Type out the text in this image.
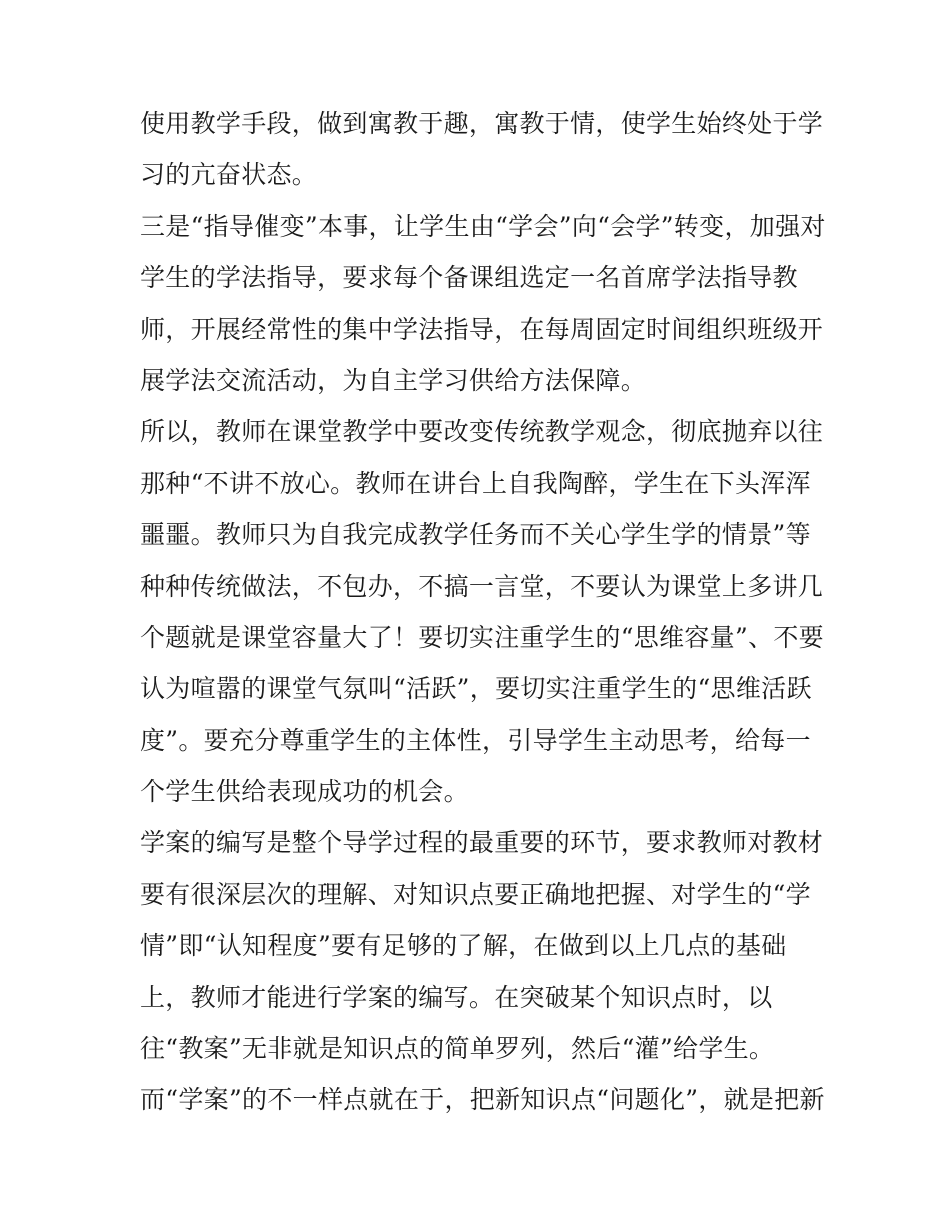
使用教学手段，做到寓教于趣，寓教于情，使学生始终处于学
习的亢奋状态。
三是“指导催变”本事，让学生由“学会”向“会学”转变，加强对
学生的学法指导，要求每个备课组选定一名首席学法指导教
师，开展经常性的集中学法指导，在每周固定时间组织班级开
展学法交流活动，为自主学习供给方法保障。
所以，教师在课堂教学中要改变传统教学观念，彻底抛弃以往
那种“不讲不放心。教师在讲台上自我陶醉，学生在下头浑浑
噩噩。教师只为自我完成教学任务而不关心学生学的情景”等
种种传统做法，不包办，不搞一言堂，不要认为课堂上多讲几
个题就是课堂容量大了！要切实注重学生的“思维容量”、不要
认为喧嚣的课堂气氛叫“活跃”，要切实注重学生的“思维活跃
度”。要充分尊重学生的主体性，引导学生主动思考，给每一
个学生供给表现成功的机会。
学案的编写是整个导学过程的最重要的环节，要求教师对教材
要有很深层次的理解、对知识点要正确地把握、对学生的“学
情”即“认知程度”要有足够的了解，在做到以上几点的基础
上，教师才能进行学案的编写。在突破某个知识点时，以
往“教案”无非就是知识点的简单罗列，然后“灌”给学生。
而“学案”的不一样点就在于，把新知识点“问题化”，就是把新
